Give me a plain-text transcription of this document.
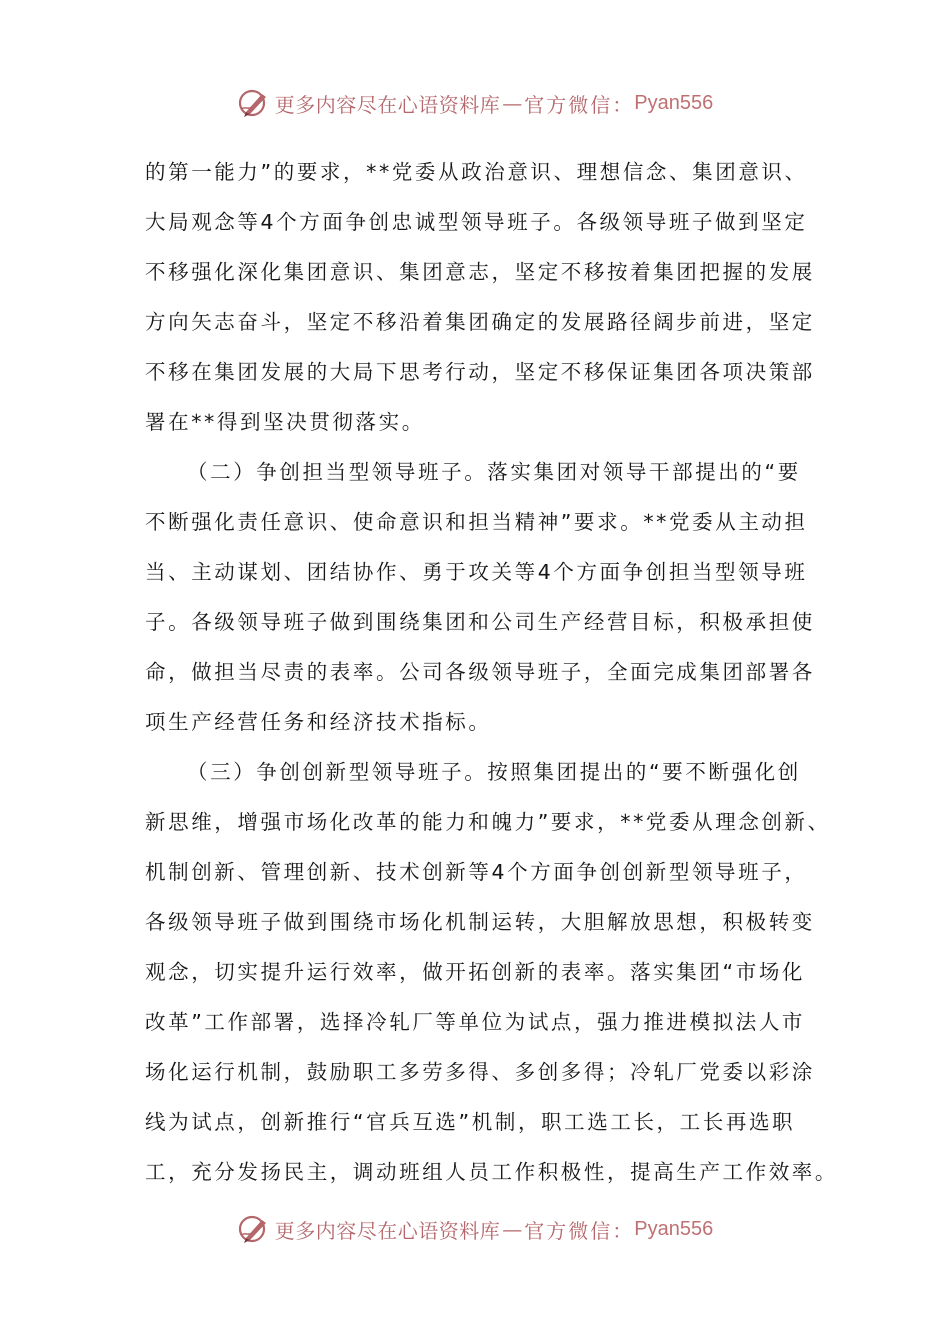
更多内容尽在心语资料库 — 官方微信： Pyan556
的第一能力”的要求，**党委从政治意识、理想信念、集团意识、
大局观念等4个方面争创忠诚型领导班子。各级领导班子做到坚定
不移强化深化集团意识、集团意志，坚定不移按着集团把握的发展
方向矢志奋斗，坚定不移沿着集团确定的发展路径阔步前进，坚定
不移在集团发展的大局下思考行动，坚定不移保证集团各项决策部
署在**得到坚决贯彻落实。
（二）争创担当型领导班子。落实集团对领导干部提出的“要
不断强化责任意识、使命意识和担当精神”要求。**党委从主动担
当、主动谋划、团结协作、勇于攻关等4个方面争创担当型领导班
子。各级领导班子做到围绕集团和公司生产经营目标，积极承担使
命，做担当尽责的表率。公司各级领导班子，全面完成集团部署各
项生产经营任务和经济技术指标。
（三）争创创新型领导班子。按照集团提出的“要不断强化创
新思维，增强市场化改革的能力和魄力”要求，**党委从理念创新、
机制创新、管理创新、技术创新等4个方面争创创新型领导班子，
各级领导班子做到围绕市场化机制运转，大胆解放思想，积极转变
观念，切实提升运行效率，做开拓创新的表率。落实集团“市场化
改革”工作部署，选择冷轧厂等单位为试点，强力推进模拟法人市
场化运行机制，鼓励职工多劳多得、多创多得；冷轧厂党委以彩涂
线为试点，创新推行“官兵互选”机制，职工选工长，工长再选职
工，充分发扬民主，调动班组人员工作积极性，提高生产工作效率。
更多内容尽在心语资料库 — 官方微信： Pyan556
